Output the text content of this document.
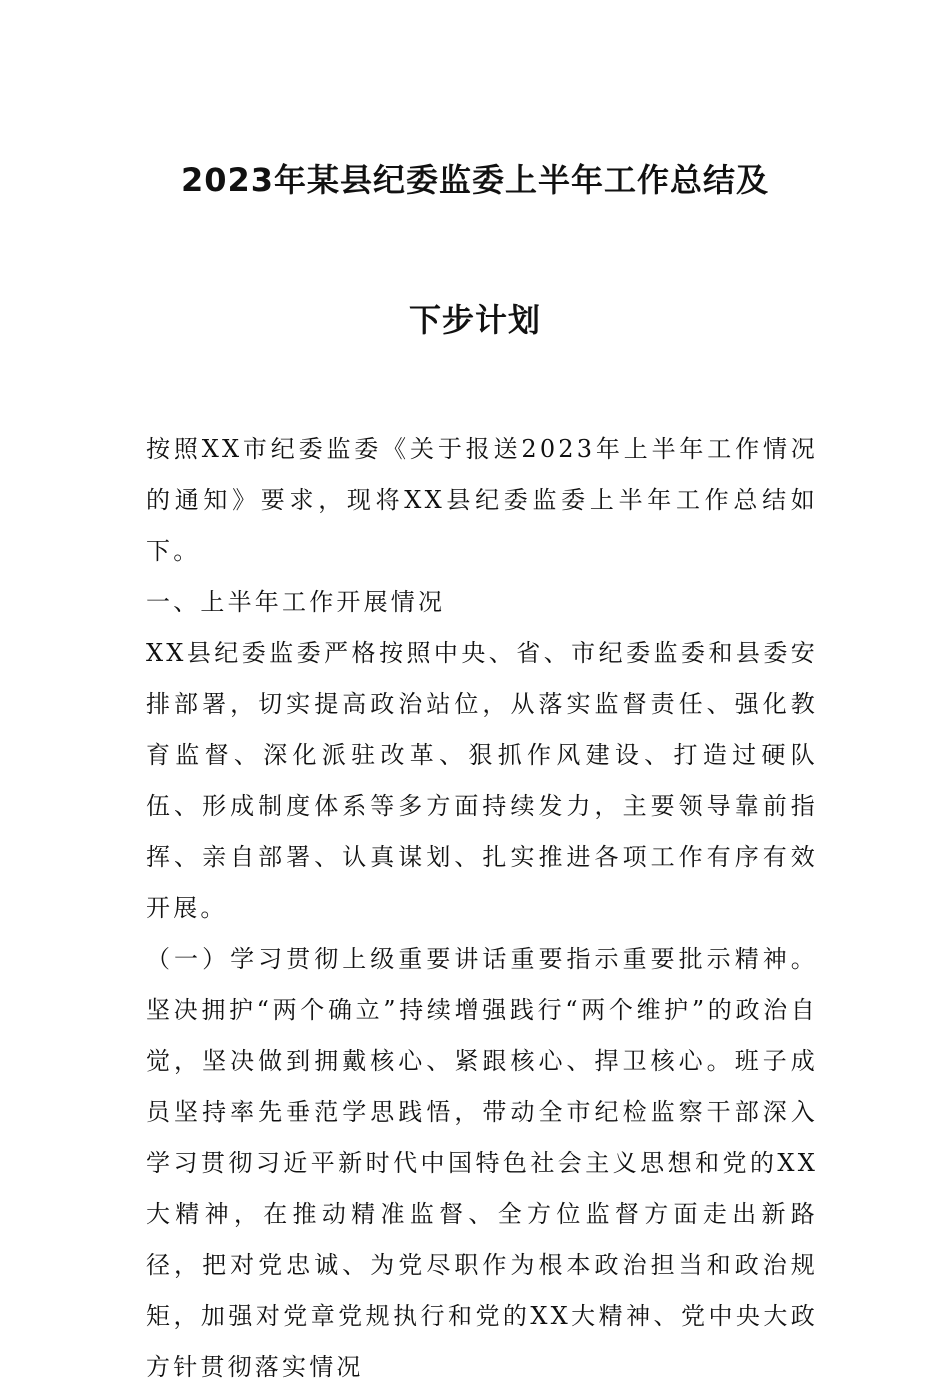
2023年某县纪委监委上半年工作总结及
下步计划

按照XX市纪委监委《关于报送2023年上半年工作情况的通知》要求，现将XX县纪委监委上半年工作总结如下。

一、上半年工作开展情况

XX县纪委监委严格按照中央、省、市纪委监委和县委安排部署，切实提高政治站位，从落实监督责任、强化教育监督、深化派驻改革、狠抓作风建设、打造过硬队伍、形成制度体系等多方面持续发力，主要领导靠前指挥、亲自部署、认真谋划、扎实推进各项工作有序有效开展。

（一）学习贯彻上级重要讲话重要指示重要批示精神。坚决拥护“两个确立”持续增强践行“两个维护”的政治自觉，坚决做到拥戴核心、紧跟核心、捍卫核心。班子成员坚持率先垂范学思践悟，带动全市纪检监察干部深入学习贯彻习近平新时代中国特色社会主义思想和党的XX大精神，在推动精准监督、全方位监督方面走出新路径，把对党忠诚、为党尽职作为根本政治担当和政治规矩，加强对党章党规执行和党的XX大精神、党中央大政方针贯彻落实情况
